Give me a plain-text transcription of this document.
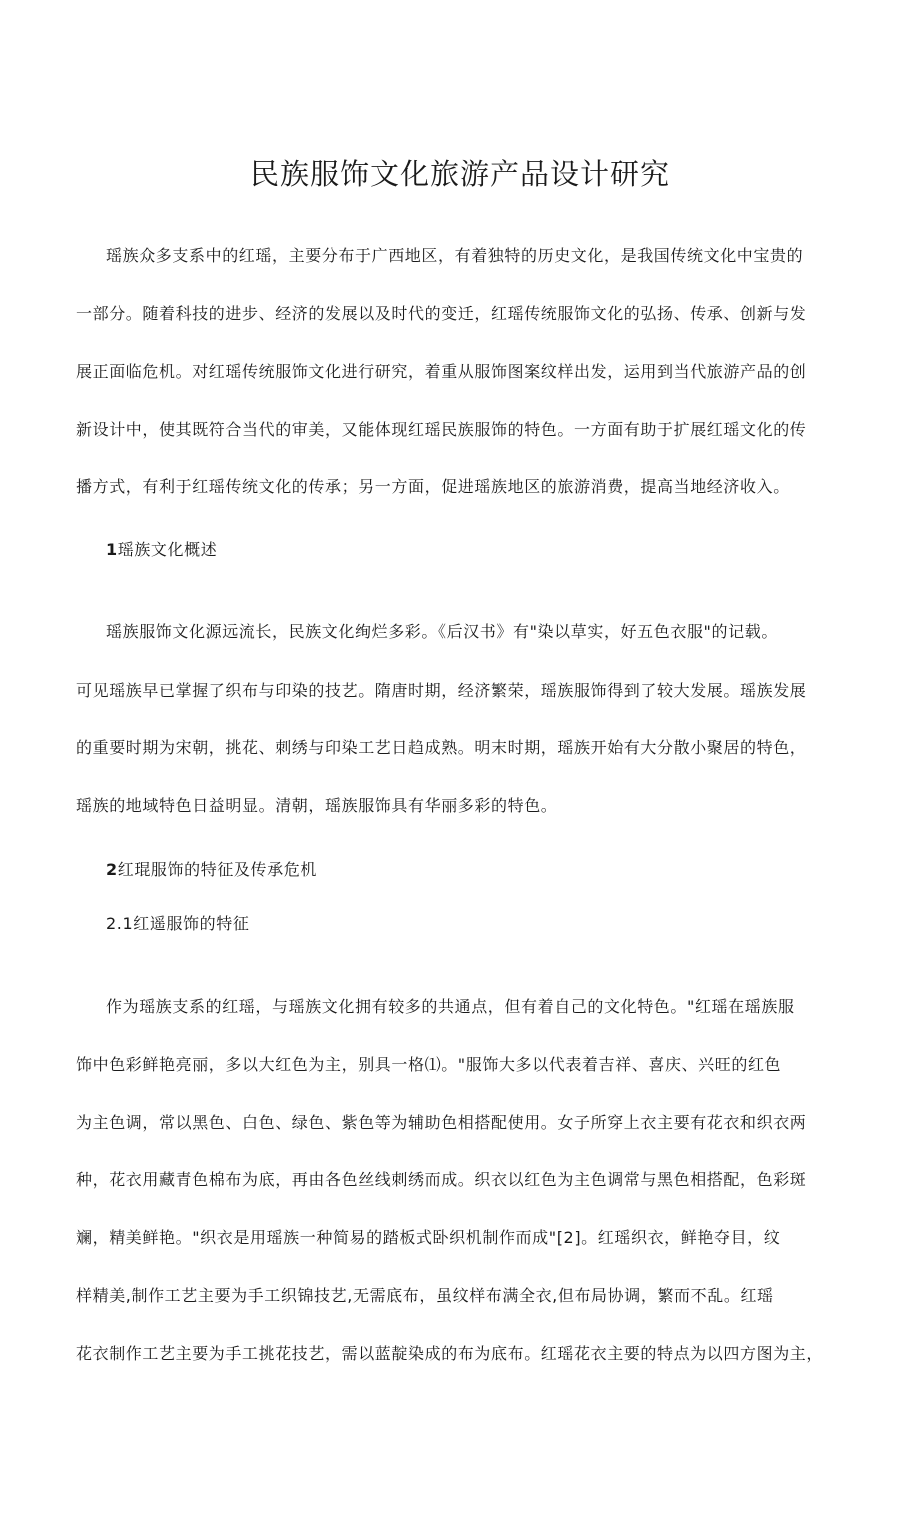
民族服饰文化旅游产品设计研究
瑶族众多支系中的红瑶，主要分布于广西地区，有着独特的历史文化，是我国传统文化中宝贵的
一部分。随着科技的进步、经济的发展以及时代的变迁，红瑶传统服饰文化的弘扬、传承、创新与发
展正面临危机。对红瑶传统服饰文化进行研究，着重从服饰图案纹样出发，运用到当代旅游产品的创
新设计中，使其既符合当代的审美，又能体现红瑶民族服饰的特色。一方面有助于扩展红瑶文化的传
播方式，有利于红瑶传统文化的传承；另一方面，促进瑶族地区的旅游消费，提高当地经济收入。
1瑶族文化概述
瑶族服饰文化源远流长，民族文化绚烂多彩。《后汉书》有"染以草实，好五色衣服"的记载。
可见瑶族早已掌握了织布与印染的技艺。隋唐时期，经济繁荣，瑶族服饰得到了较大发展。瑶族发展
的重要时期为宋朝，挑花、刺绣与印染工艺日趋成熟。明末时期，瑶族开始有大分散小聚居的特色，
瑶族的地域特色日益明显。清朝，瑶族服饰具有华丽多彩的特色。
2红琨服饰的特征及传承危机
2.1红遥服饰的特征
作为瑶族支系的红瑶，与瑶族文化拥有较多的共通点，但有着自己的文化特色。"红瑶在瑶族服
饰中色彩鲜艳亮丽，多以大红色为主，别具一格⑴。"服饰大多以代表着吉祥、喜庆、兴旺的红色
为主色调，常以黑色、白色、绿色、紫色等为辅助色相搭配使用。女子所穿上衣主要有花衣和织衣两
种，花衣用藏青色棉布为底，再由各色丝线刺绣而成。织衣以红色为主色调常与黑色相搭配，色彩斑
斓，精美鲜艳。"织衣是用瑶族一种简易的踏板式卧织机制作而成"[2]。红瑶织衣，鲜艳夺目，纹
样精美,制作工艺主要为手工织锦技艺,无需底布，虽纹样布满全衣,但布局协调，繁而不乱。红瑶
花衣制作工艺主要为手工挑花技艺，需以蓝靛染成的布为底布。红瑶花衣主要的特点为以四方图为主，
